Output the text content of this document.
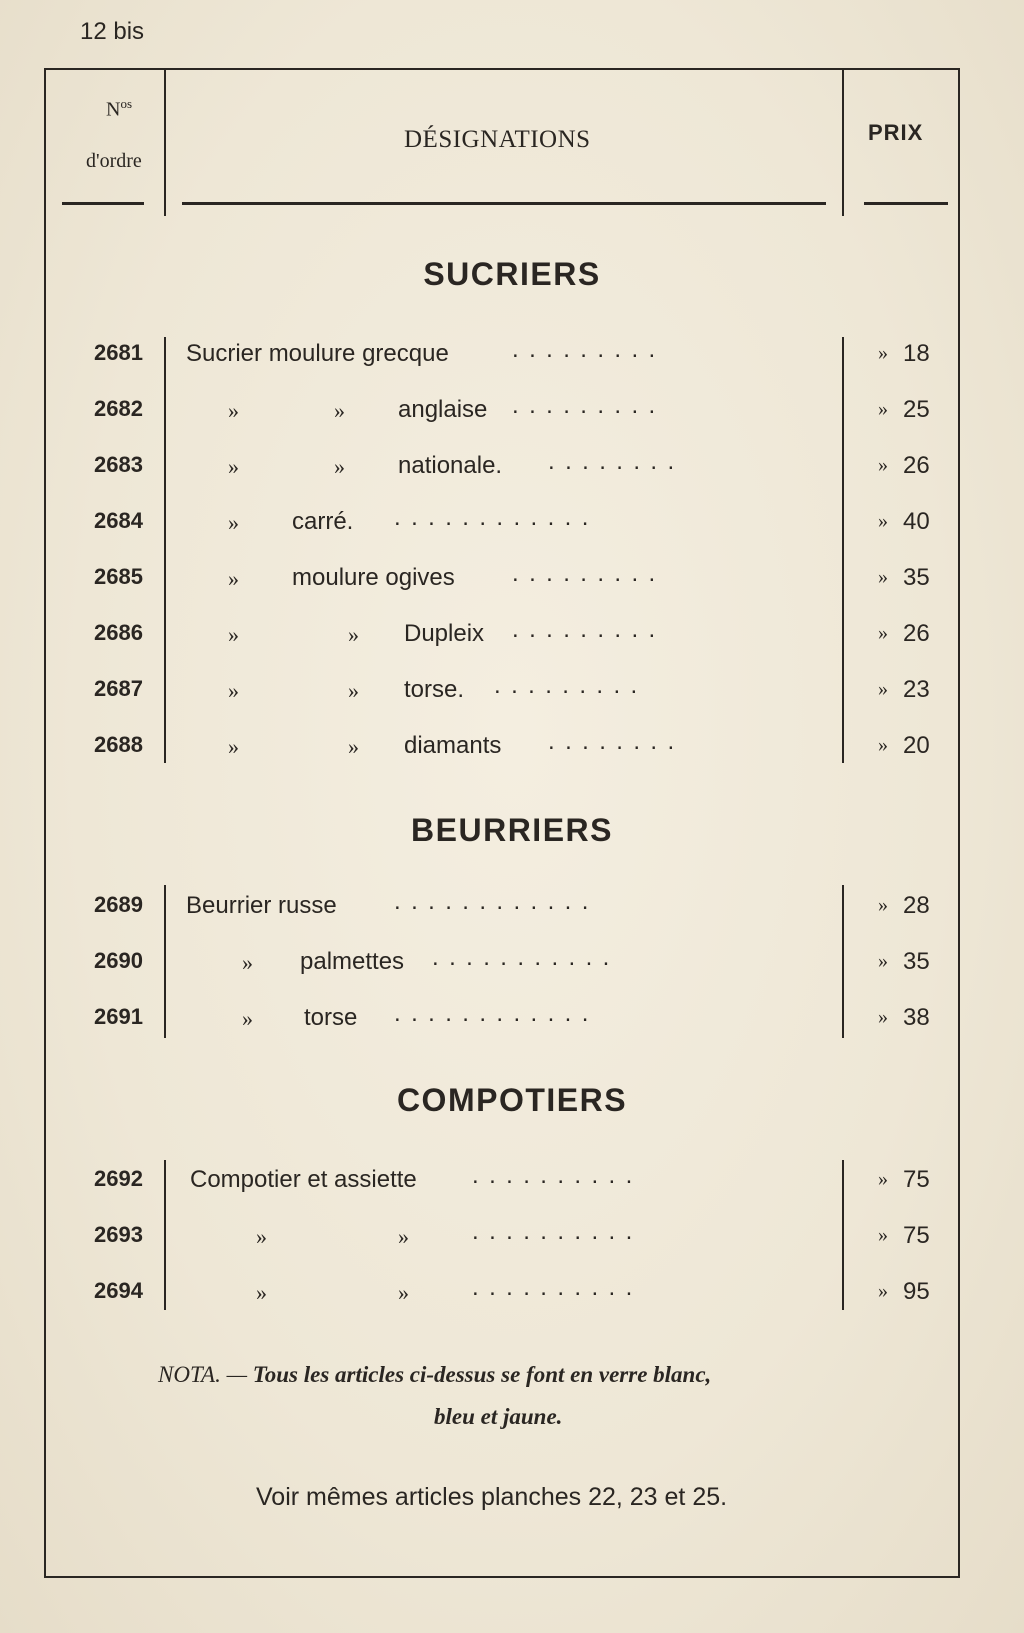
12 bis
$N^{os}$
d'ordre
DÉSIGNATIONS	PRIX
SUCRIERS
2681 Sucrier moulure grecque	.........	» 18
2682	»	» anglaise .........	» 25
2683	»	» nationale. ........	» 26
2684	» carré. ............	» 40
2685	» moulure ogives .........	» 35
2686	»	» Dupleix .........	» 26
2687	»	» torse. .........	» 23
2688	»	» diamants ........	» 20
BEURRIERS
2689 Beurrier russe ............	» 28
2690	» palmettes ...........	» 35
2691	» torse ............	» 38
COMPOTIERS
2692 Compotier et assiette ..........	» 75
2693	»	»	..........	» 75
2694	»	»	..........	» 95
NOTA. — Tous les articles ci-dessus se font en verre blanc,
bleu et jaune.
Voir mêmes articles planches 22, 23 et 25.
